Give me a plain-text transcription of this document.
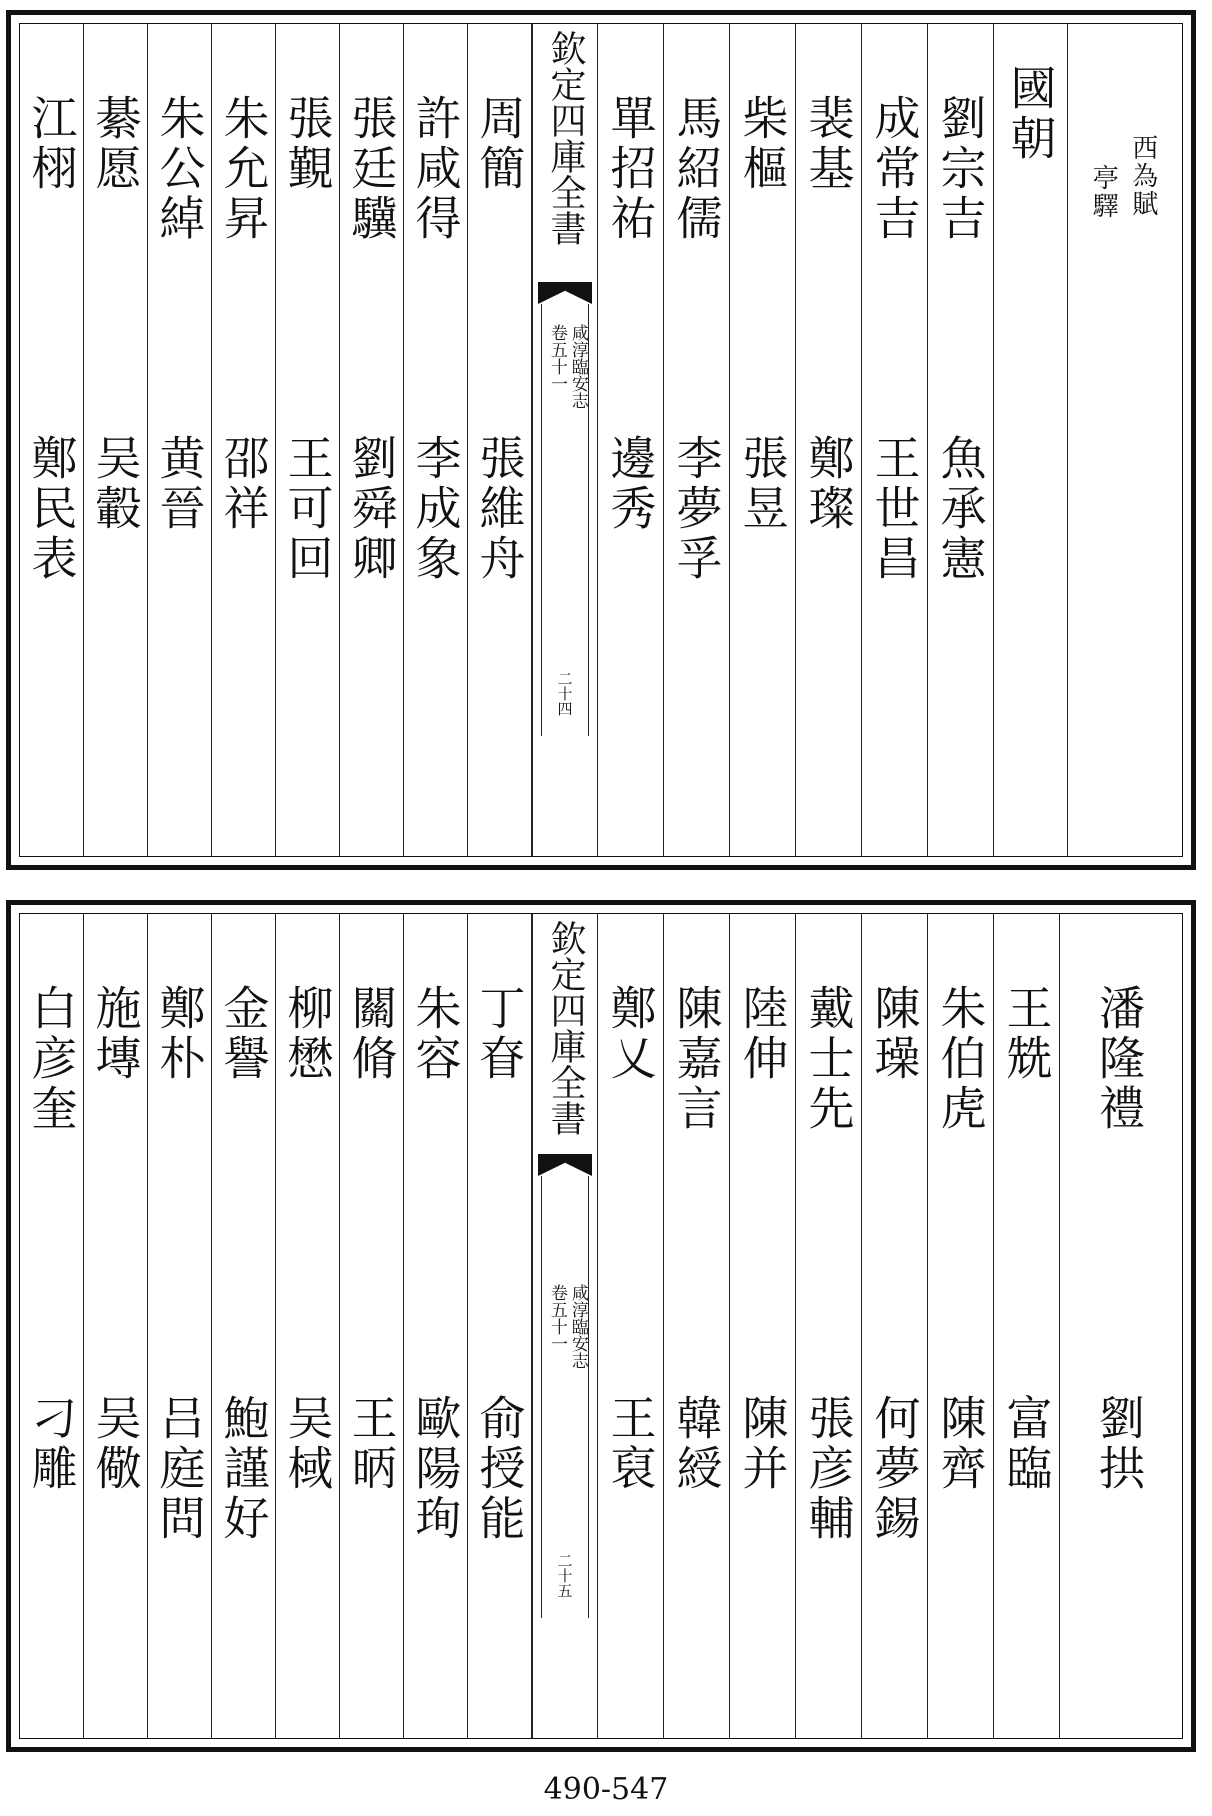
江栩
鄭民表
綦愿
吴轂
朱公綽
黄晉
朱允昇
邵祥
張覲
王可回
張廷驥
劉舜卿
許咸得
李成象
周簡
張維舟
欽定四庫全書
咸淳臨安志
卷五十一
二十四
單招祐
邊秀
馬紹儒
李夢孚
柴樞
張昱
裴基
鄭璨
成常吉
王世昌
劉宗吉
魚承憲
國朝
西為賦
亭驛
白彦奎
刁雕
施塼
吴儆
鄭朴
吕庭問
金譽
鮑謹好
柳懋
吴棫
關脩
王昞
朱容
歐陽珣
丁眘
俞授能
欽定四庫全書
咸淳臨安志
卷五十一
二十五
鄭乂
王裒
陳嘉言
韓綬
陸伸
陳并
戴士先
張彦輔
陳璪
何夢錫
朱伯虎
陳齊
王兟
富臨
潘隆禮
劉拱
490-547
